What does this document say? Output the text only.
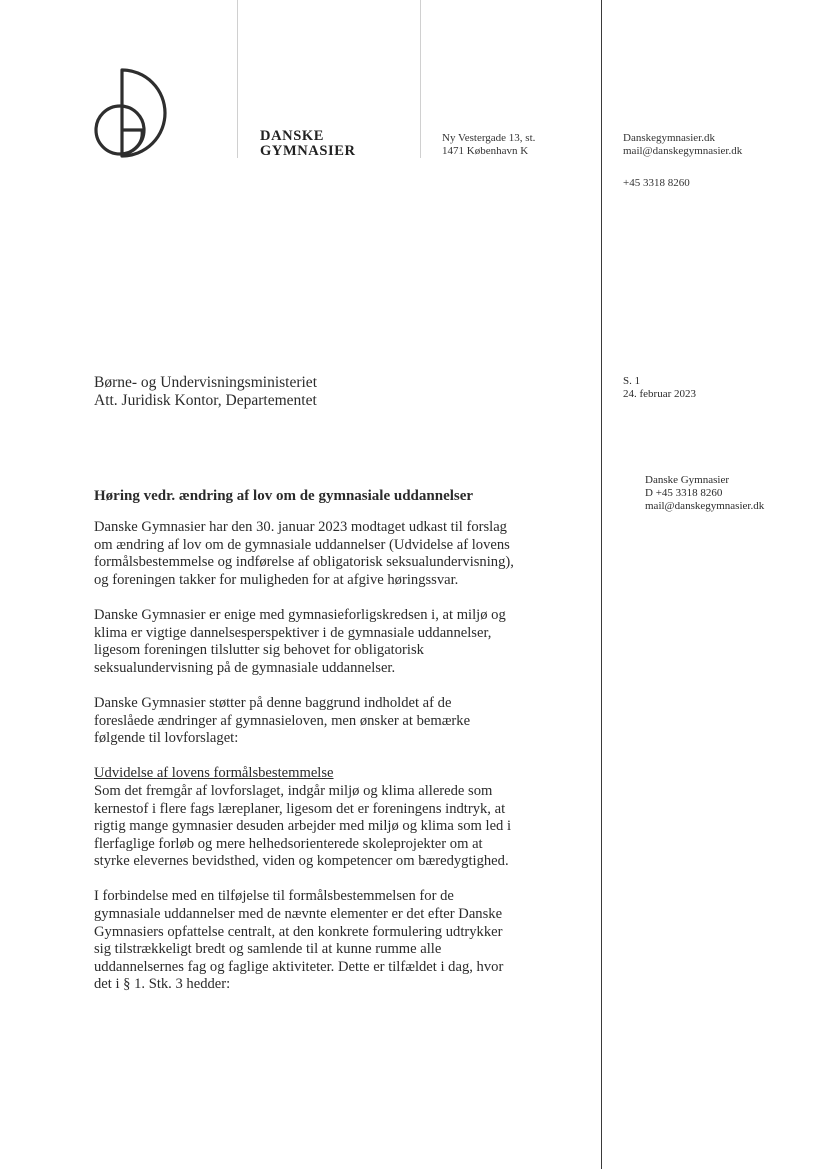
DANSKE
GYMNASIER
Ny Vestergade 13, st.
1471 København K
Danskegymnasier.dk
mail@danskegymnasier.dk
+45 3318 8260
Børne- og Undervisningsministeriet
Att. Juridisk Kontor, Departementet
S. 1
24. februar 2023
Danske Gymnasier
D +45 3318 8260
mail@danskegymnasier.dk
Høring vedr. ændring af lov om de gymnasiale uddannelser

Danske Gymnasier har den 30. januar 2023 modtaget udkast til forslag
om ændring af lov om de gymnasiale uddannelser (Udvidelse af lovens
formålsbestemmelse og indførelse af obligatorisk seksualundervisning),
og foreningen takker for muligheden for at afgive høringssvar.

Danske Gymnasier er enige med gymnasieforligskredsen i, at miljø og
klima er vigtige dannelsesperspektiver i de gymnasiale uddannelser,
ligesom foreningen tilslutter sig behovet for obligatorisk
seksualundervisning på de gymnasiale uddannelser.

Danske Gymnasier støtter på denne baggrund indholdet af de
foreslåede ændringer af gymnasieloven, men ønsker at bemærke
følgende til lovforslaget:

Udvidelse af lovens formålsbestemmelse
Som det fremgår af lovforslaget, indgår miljø og klima allerede som
kernestof i flere fags læreplaner, ligesom det er foreningens indtryk, at
rigtig mange gymnasier desuden arbejder med miljø og klima som led i
flerfaglige forløb og mere helhedsorienterede skoleprojekter om at
styrke elevernes bevidsthed, viden og kompetencer om bæredygtighed.

I forbindelse med en tilføjelse til formålsbestemmelsen for de
gymnasiale uddannelser med de nævnte elementer er det efter Danske
Gymnasiers opfattelse centralt, at den konkrete formulering udtrykker
sig tilstrækkeligt bredt og samlende til at kunne rumme alle
uddannelsernes fag og faglige aktiviteter. Dette er tilfældet i dag, hvor
det i § 1. Stk. 3 hedder:
